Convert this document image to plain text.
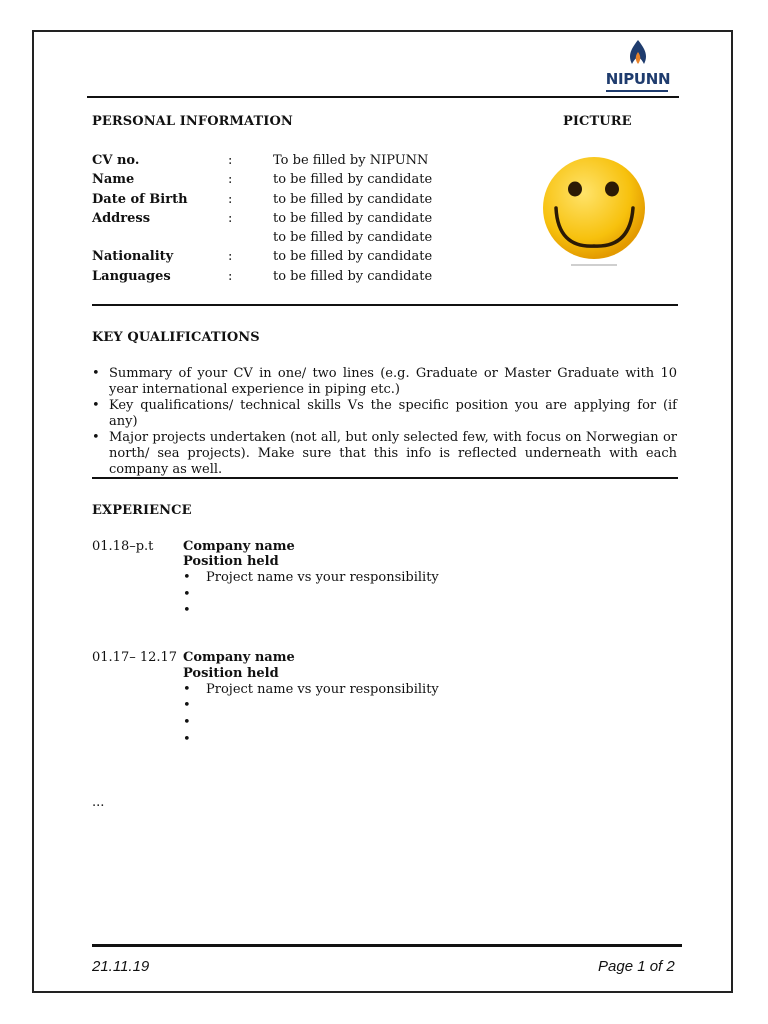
NIPUNN
PERSONAL INFORMATION	PICTURE
CV no.	:	To be filled by NIPUNN
Name	:	to be filled by candidate
Date of Birth	:	to be filled by candidate
Address	:	to be filled by candidate
to be filled by candidate
Nationality	:	to be filled by candidate
Languages	:	to be filled by candidate
KEY QUALIFICATIONS
• Summary of your CV in one/ two lines (e.g. Graduate or Master Graduate with 10 year international experience in piping etc.)
• Key qualifications/ technical skills Vs the specific position you are applying for (if any)
• Major projects undertaken (not all, but only selected few, with focus on Norwegian or north/ sea projects). Make sure that this info is reflected underneath with each company as well.
EXPERIENCE
01.18–p.t Company name
Position held
• Project name vs your responsibility
•
•
01.17– 12.17 Company name
Position held
• Project name vs your responsibility
•
•
•
...
21.11.19	Page 1 of 2
